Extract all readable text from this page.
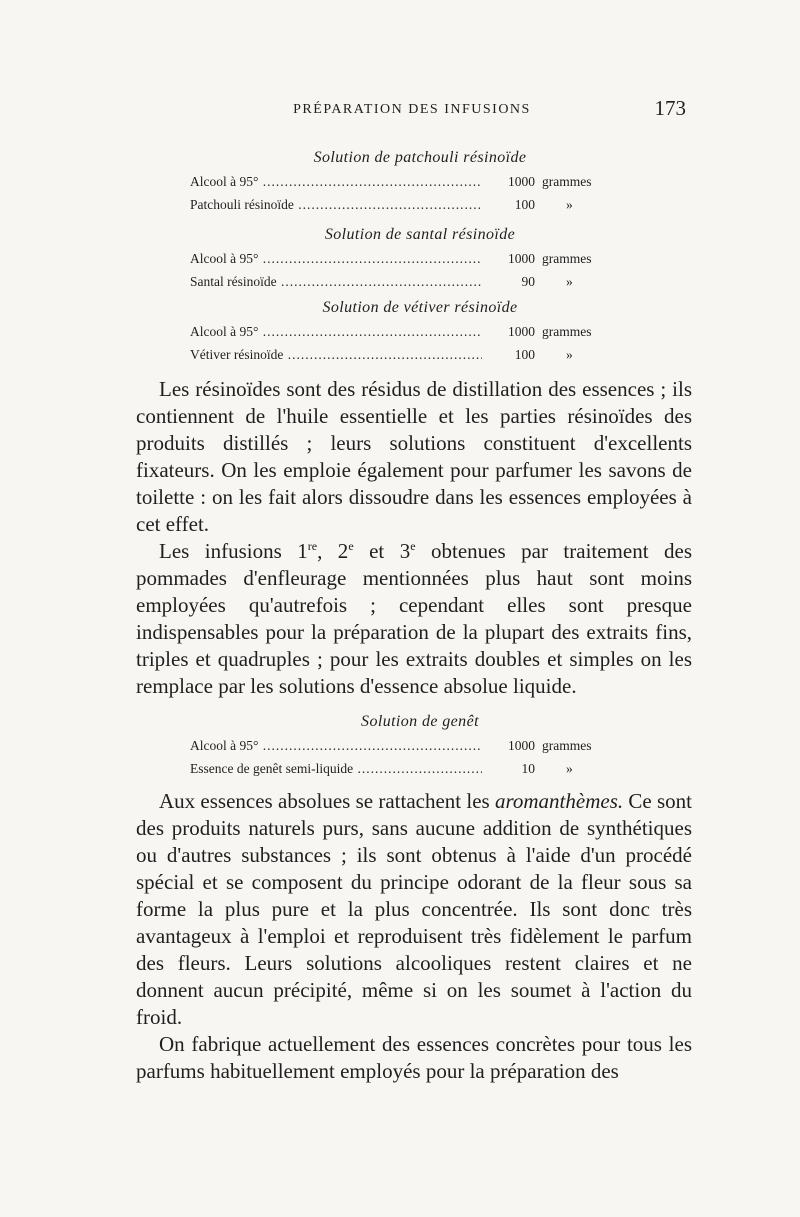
PRÉPARATION DES INFUSIONS	173
Solution de patchouli résinoïde
Alcool à 95° .....	1000 grammes
Patchouli résinoïde .....	100 »
Solution de santal résinoïde
Alcool à 95° .....	1000 grammes
Santal résinoïde .....	90 »
Solution de vétiver résinoïde
Alcool à 95° .....	1000 grammes
Vétiver résinoïde .....	100 »

Les résinoïdes sont des résidus de distillation des essences ; ils contiennent de l'huile essentielle et les parties résinoïdes des produits distillés ; leurs solutions constituent d'excellents fixateurs. On les emploie également pour parfumer les savons de toilette : on les fait alors dissoudre dans les essences employées à cet effet.

Les infusions 1re, 2e et 3e obtenues par traitement des pommades d'enfleurage mentionnées plus haut sont moins employées qu'autrefois ; cependant elles sont presque indispensables pour la préparation de la plupart des extraits fins, triples et quadruples ; pour les extraits doubles et simples on les remplace par les solutions d'essence absolue liquide.

Solution de genêt
Alcool à 95° .....	1000 grammes
Essence de genêt semi-liquide .....	10 »

Aux essences absolues se rattachent les aromanthèmes. Ce sont des produits naturels purs, sans aucune addition de synthétiques ou d'autres substances ; ils sont obtenus à l'aide d'un procédé spécial et se composent du principe odorant de la fleur sous sa forme la plus pure et la plus concentrée. Ils sont donc très avantageux à l'emploi et reproduisent très fidèlement le parfum des fleurs. Leurs solutions alcooliques restent claires et ne donnent aucun précipité, même si on les soumet à l'action du froid.

On fabrique actuellement des essences concrètes pour tous les parfums habituellement employés pour la préparation des
